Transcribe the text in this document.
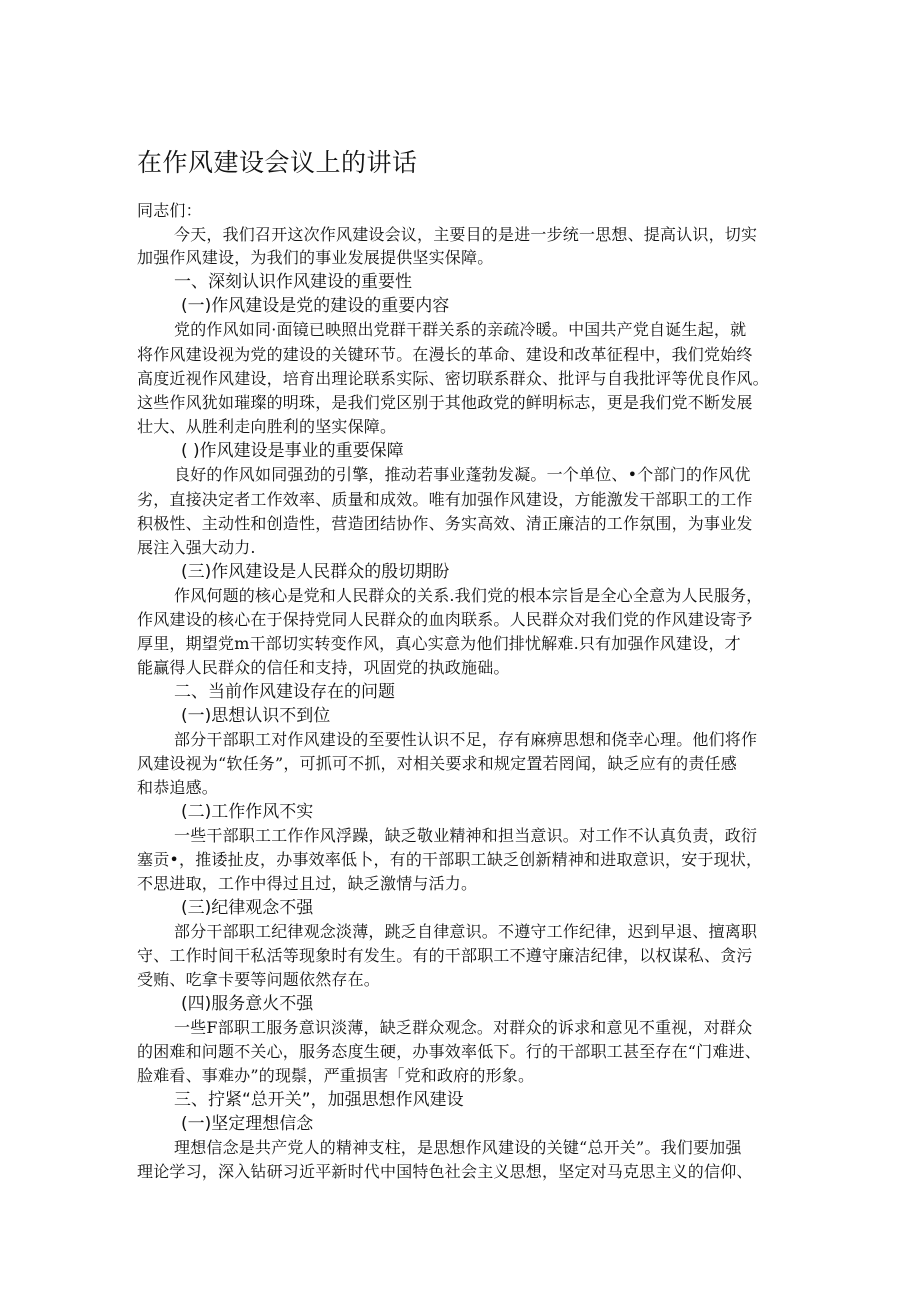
在作风建设会议上的讲话
同志们：
今天，我们召开这次作风建设会议，主要目的是进一步统一思想、提高认识，切实
加强作风建设，为我们的事业发展提供坚实保障。
一、深刻认识作风建设的重要性
(一)作风建设是党的建设的重要内容
党的作风如同·面镜已映照出党群干群关系的亲疏冷暖。中国共产党自诞生起，就
将作风建设视为党的建设的关键环节。在漫长的革命、建设和改革征程中，我们党始终
高度近视作风建设，培育出理论联系实际、密切联系群众、批评与自我批评等优良作风。
这些作风犹如璀璨的明珠，是我们党区别于其他政党的鲜明标志，更是我们党不断发展
壮大、从胜利走向胜利的坚实保障。
( )作风建设是事业的重要保障
良好的作风如同强劲的引擎，推动若事业蓬勃发凝。一个单位、•个部门的作风优
劣，直接决定者工作效率、质量和成效。唯有加强作风建设，方能激发干部职工的工作
积极性、主动性和创造性，营造团结协作、务实高效、清正廉洁的工作氛围，为事业发
展注入强大动力.
(三)作风建设是人民群众的殷切期盼
作风何题的核心是党和人民群众的关系.我们党的根本宗旨是全心全意为人民服务，
作风建设的核心在于保持党同人民群众的血肉联系。人民群众对我们党的作风建设寄予
厚里，期望党m干部切实转变作风，真心实意为他们排忧解难.只有加强作风建设，才
能赢得人民群众的信任和支持，巩固党的执政施础。
二、当前作风建设存在的问题
(一)思想认识不到位
部分干部职工对作风建设的至要性认识不足，存有麻痹思想和侥幸心理。他们将作
风建设视为“软任务”，可抓可不抓，对相关要求和规定置若罔闻，缺乏应有的责任感
和恭追感。
(二)工作作风不实
一些干部职工工作作风浮躁，缺乏敬业精神和担当意识。对工作不认真负责，政衍
塞贡•，推诿扯皮，办事效率低卜，有的干部职工缺乏创新精神和进取意识，安于现状，
不思进取，工作中得过且过，缺乏激情与活力。
(三)纪律观念不强
部分干部职工纪律观念淡薄，跳乏自律意识。不遵守工作纪律，迟到早退、擅离职
守、工作时间干私活等现象时有发生。有的干部职工不遵守廉洁纪律，以权谋私、贪污
受贿、吃拿卡要等问题依然存在。
(四)服务意火不强
一些F部职工服务意识淡薄，缺乏群众观念。对群众的诉求和意见不重视，对群众
的困难和问题不关心，服务态度生硬，办事效率低下。行的干部职工甚至存在“门难进、
脸难看、事难办”的现鬃，严重损害「党和政府的形象。
三、拧紧“总开关”，加强思想作风建设
(一)坚定理想信念
理想信念是共产党人的精神支柱，是思想作风建设的关键“总开关”。我们要加强
理论学习，深入钻研习近平新时代中国特色社会主义思想，坚定对马克思主义的信仰、
